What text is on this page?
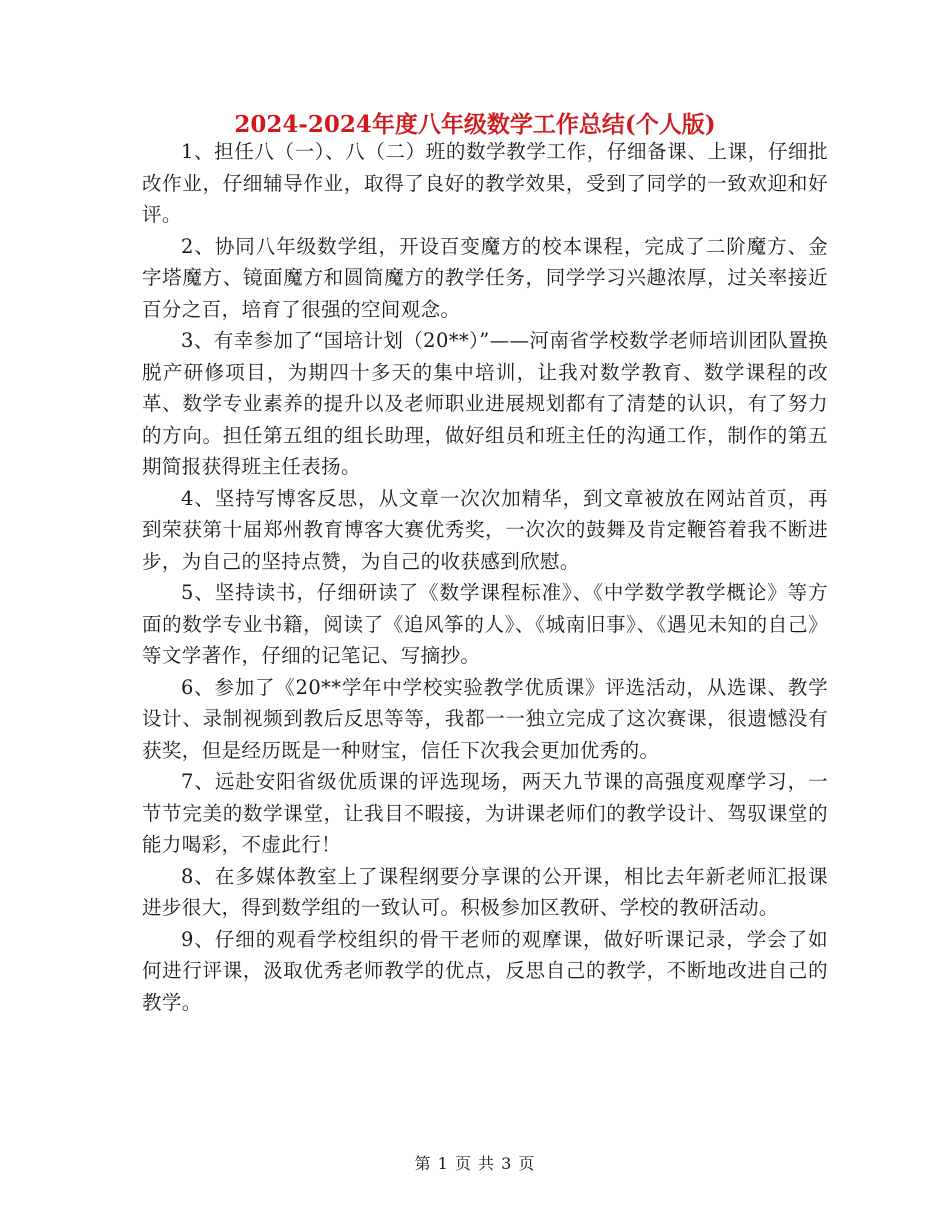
2024-2024年度八年级数学工作总结(个人版)

1、担任八（一）、八（二）班的数学教学工作，仔细备课、上课，仔细批改作业，仔细辅导作业，取得了良好的教学效果，受到了同学的一致欢迎和好评。

2、协同八年级数学组，开设百变魔方的校本课程，完成了二阶魔方、金字塔魔方、镜面魔方和圆筒魔方的教学任务，同学学习兴趣浓厚，过关率接近百分之百，培育了很强的空间观念。

3、有幸参加了“国培计划（20**）”——河南省学校数学老师培训团队置换脱产研修项目，为期四十多天的集中培训，让我对数学教育、数学课程的改革、数学专业素养的提升以及老师职业进展规划都有了清楚的认识，有了努力的方向。担任第五组的组长助理，做好组员和班主任的沟通工作，制作的第五期简报获得班主任表扬。

4、坚持写博客反思，从文章一次次加精华，到文章被放在网站首页，再到荣获第十届郑州教育博客大赛优秀奖，一次次的鼓舞及肯定鞭笞着我不断进步，为自己的坚持点赞，为自己的收获感到欣慰。

5、坚持读书，仔细研读了《数学课程标准》、《中学数学教学概论》等方面的数学专业书籍，阅读了《追风筝的人》、《城南旧事》、《遇见未知的自己》等文学著作，仔细的记笔记、写摘抄。

6、参加了《20**学年中学校实验教学优质课》评选活动，从选课、教学设计、录制视频到教后反思等等，我都一一独立完成了这次赛课，很遗憾没有获奖，但是经历既是一种财宝，信任下次我会更加优秀的。

7、远赴安阳省级优质课的评选现场，两天九节课的高强度观摩学习，一节节完美的数学课堂，让我目不暇接，为讲课老师们的教学设计、驾驭课堂的能力喝彩，不虚此行！

8、在多媒体教室上了课程纲要分享课的公开课，相比去年新老师汇报课进步很大，得到数学组的一致认可。积极参加区教研、学校的教研活动。

9、仔细的观看学校组织的骨干老师的观摩课，做好听课记录，学会了如何进行评课，汲取优秀老师教学的优点，反思自己的教学，不断地改进自己的教学。

第 1 页 共 3 页
